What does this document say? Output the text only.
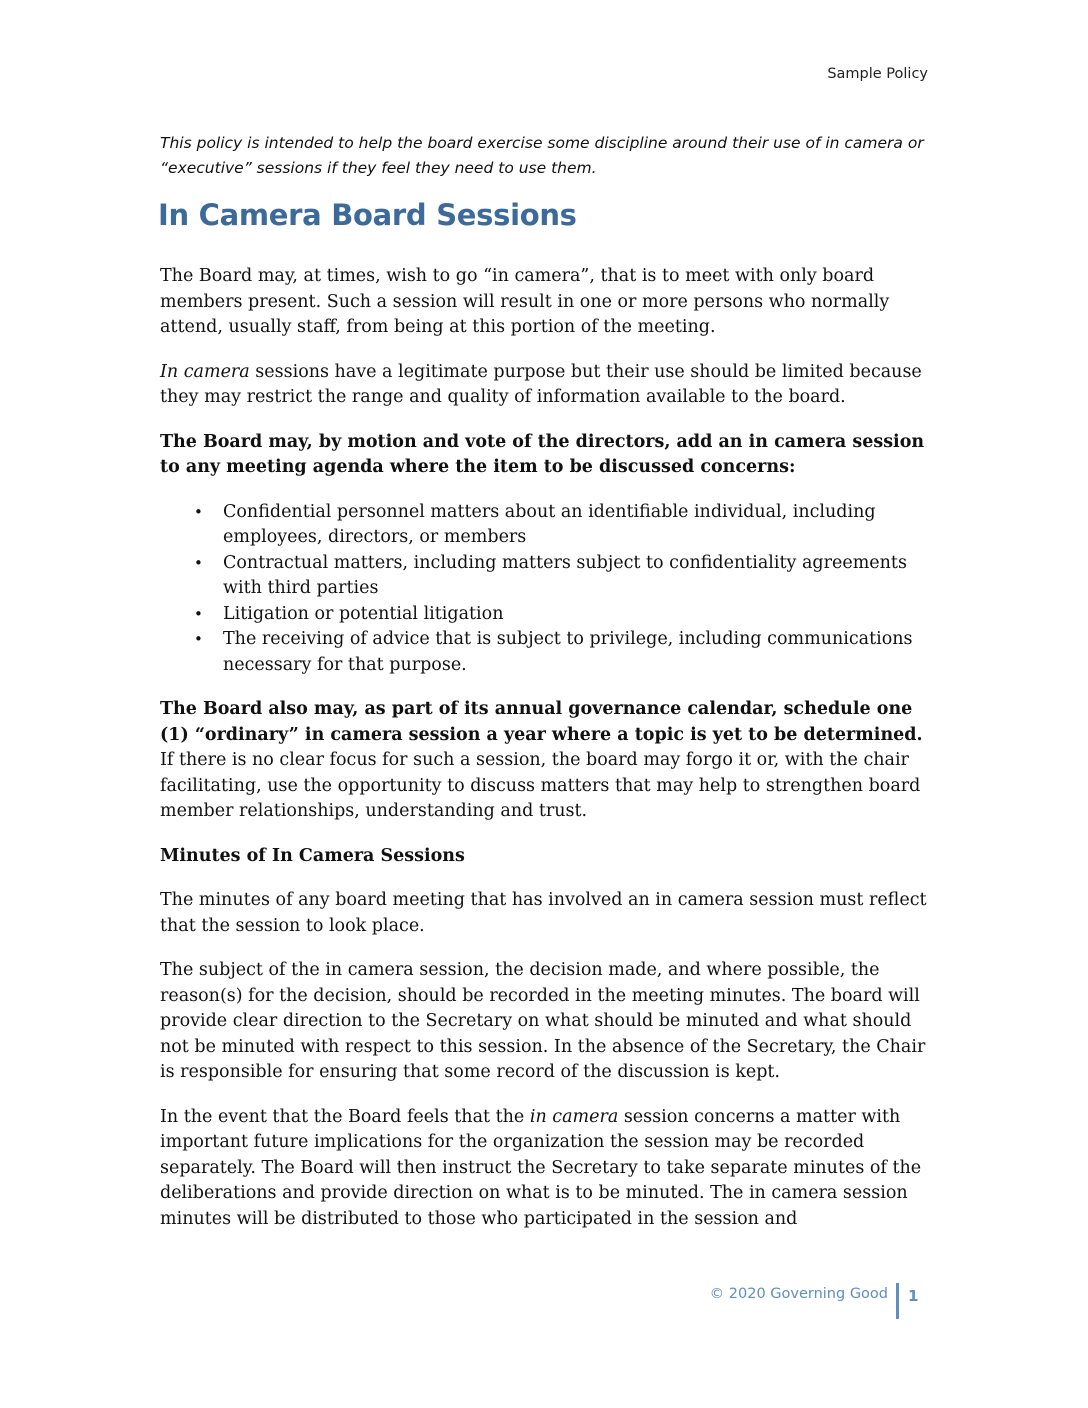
Sample Policy
This policy is intended to help the board exercise some discipline around their use of in camera or “executive” sessions if they feel they need to use them.
In Camera Board Sessions

The Board may, at times, wish to go “in camera”, that is to meet with only board members present. Such a session will result in one or more persons who normally attend, usually staff, from being at this portion of the meeting.

In camera sessions have a legitimate purpose but their use should be limited because they may restrict the range and quality of information available to the board.

The Board may, by motion and vote of the directors, add an in camera session to any meeting agenda where the item to be discussed concerns:

• Confidential personnel matters about an identifiable individual, including employees, directors, or members
• Contractual matters, including matters subject to confidentiality agreements with third parties
• Litigation or potential litigation
• The receiving of advice that is subject to privilege, including communications necessary for that purpose.

The Board also may, as part of its annual governance calendar, schedule one (1) “ordinary” in camera session a year where a topic is yet to be determined. If there is no clear focus for such a session, the board may forgo it or, with the chair facilitating, use the opportunity to discuss matters that may help to strengthen board member relationships, understanding and trust.

Minutes of In Camera Sessions

The minutes of any board meeting that has involved an in camera session must reflect that the session to look place.

The subject of the in camera session, the decision made, and where possible, the reason(s) for the decision, should be recorded in the meeting minutes. The board will provide clear direction to the Secretary on what should be minuted and what should not be minuted with respect to this session. In the absence of the Secretary, the Chair is responsible for ensuring that some record of the discussion is kept.

In the event that the Board feels that the in camera session concerns a matter with important future implications for the organization the session may be recorded separately. The Board will then instruct the Secretary to take separate minutes of the deliberations and provide direction on what is to be minuted. The in camera session minutes will be distributed to those who participated in the session and

© 2020 Governing Good 1
